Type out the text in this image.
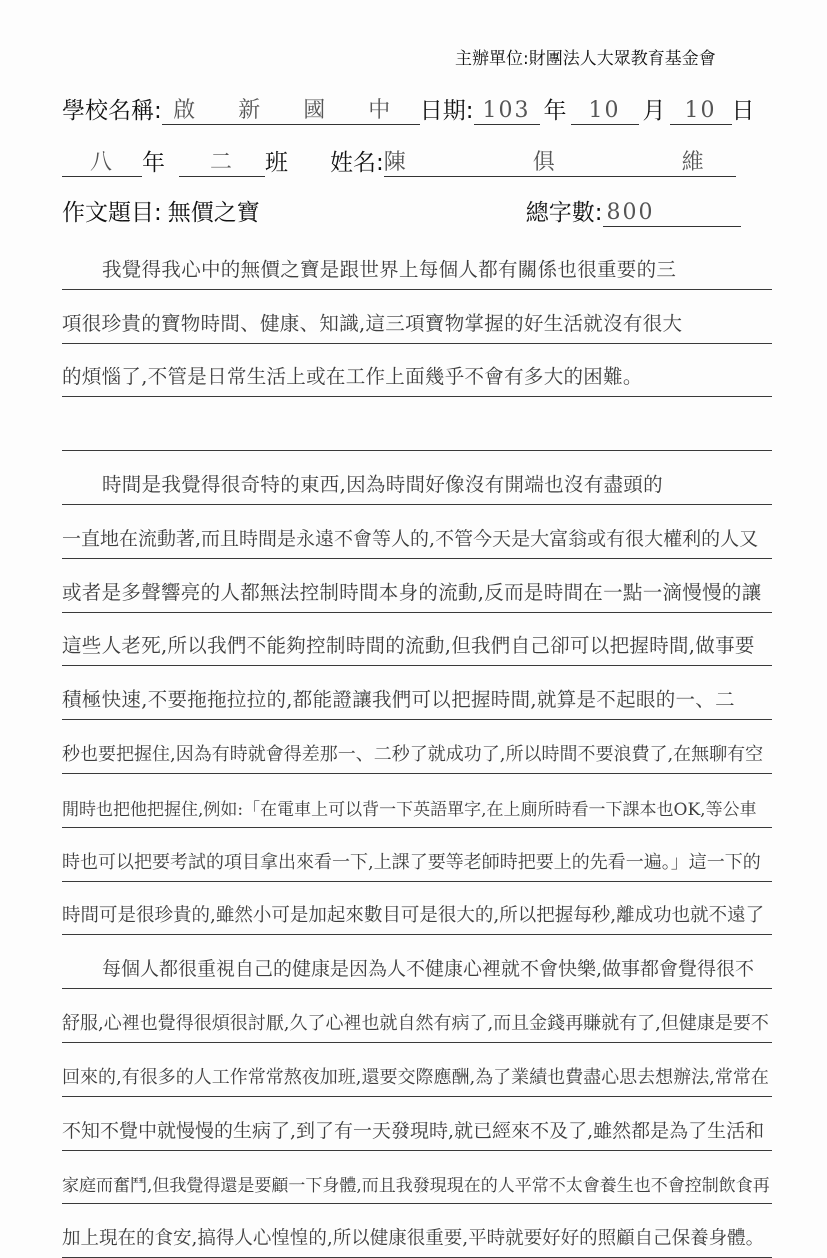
主辦單位:財團法人大眾教育基金會
學校名稱: 啟 新 國 中 日期: 103 年	10 月 10 日
八	年	二	班 姓名: 陳 俱 維
作文題目: 無價之寶	總字數: 800
我覺得我心中的無價之寶是跟世界上每個人都有關係也很重要的三
項很珍貴的寶物時間、健康、知識,這三項寶物掌握的好生活就沒有很大
的煩惱了,不管是日常生活上或在工作上面幾乎不會有多大的困難。
時間是我覺得很奇特的東西,因為時間好像沒有開端也沒有盡頭的
一直地在流動著,而且時間是永遠不會等人的,不管今天是大富翁或有很大權利的人又
或者是多聲響亮的人都無法控制時間本身的流動,反而是時間在一點一滴慢慢的讓
這些人老死,所以我們不能夠控制時間的流動,但我們自己卻可以把握時間,做事要
積極快速,不要拖拖拉拉的,都能證讓我們可以把握時間,就算是不起眼的一、二
秒也要把握住,因為有時就會得差那一、二秒了就成功了,所以時間不要浪費了,在無聊有空
閒時也把他把握住,例如:「在電車上可以背一下英語單字,在上廁所時看一下課本也OK,等公車
時也可以把要考試的項目拿出來看一下,上課了要等老師時把要上的先看一遍。」這一下的
時間可是很珍貴的,雖然小可是加起來數目可是很大的,所以把握每秒,離成功也就不遠了
每個人都很重視自己的健康是因為人不健康心裡就不會快樂,做事都會覺得很不
舒服,心裡也覺得很煩很討厭,久了心裡也就自然有病了,而且金錢再賺就有了,但健康是要不
回來的,有很多的人工作常常熬夜加班,還要交際應酬,為了業績也費盡心思去想辦法,常常在
不知不覺中就慢慢的生病了,到了有一天發現時,就已經來不及了,雖然都是為了生活和
家庭而奮鬥,但我覺得還是要顧一下身體,而且我發現現在的人平常不太會養生也不會控制飲食再
加上現在的食安,搞得人心惶惶的,所以健康很重要,平時就要好好的照顧自己保養身體。
